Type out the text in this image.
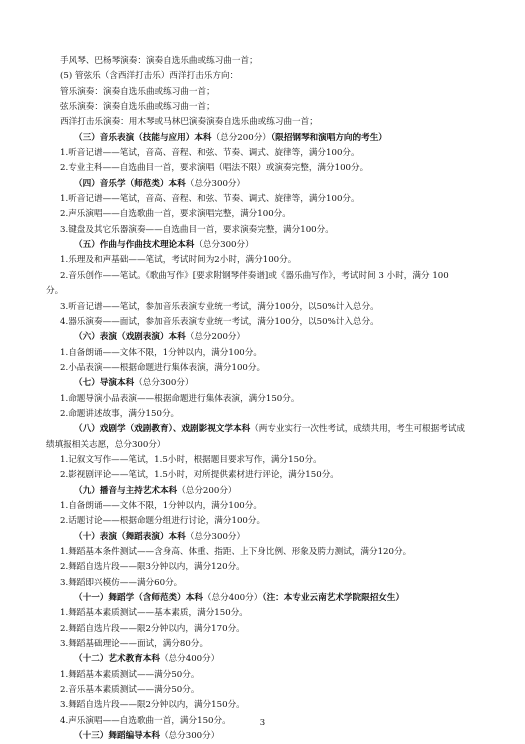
手风琴、巴杨琴演奏：演奏自选乐曲或练习曲一首；
(5) 管弦乐（含西洋打击乐）西洋打击乐方向：
管乐演奏：演奏自选乐曲或练习曲一首；
弦乐演奏：演奏自选乐曲或练习曲一首；
西洋打击乐演奏：用木琴或马林巴演奏演奏自选乐曲或练习曲一首；
（三）音乐表演（技能与应用）本科（总分200分）（限招钢琴和演唱方向的考生）
1.听音记谱——笔试，音高、音程、和弦、节奏、调式、旋律等，满分100分。
2.专业主科——自选曲目一首，要求演唱（唱法不限）或演奏完整，满分100分。
（四）音乐学（师范类）本科（总分300分）
1.听音记谱——笔试，音高、音程、和弦、节奏、调式、旋律等，满分100分。
2.声乐演唱——自选歌曲一首，要求演唱完整，满分100分。
3.键盘及其它乐器演奏——自选曲目一首，要求演奏完整，满分100分。
（五）作曲与作曲技术理论本科（总分300分）
1.乐理及和声基础——笔试，考试时间为2小时，满分100分。
2.音乐创作——笔试。《歌曲写作》[要求附钢琴伴奏谱]或《器乐曲写作》，考试时间 3 小时，满分 100
分。
3.听音记谱——笔试，参加音乐表演专业统一考试，满分100分，以50%计入总分。
4.器乐演奏——面试，参加音乐表演专业统一考试，满分100分，以50%计入总分。
（六）表演（戏剧表演）本科（总分200分）
1.自备朗诵——文体不限，1分钟以内，满分100分。
2.小品表演——根据命题进行集体表演，满分100分。
（七）导演本科（总分300分）
1.命题导演小品表演——根据命题进行集体表演，满分150分。
2.命题讲述故事，满分150分。
（八）戏剧学（戏剧教育）、戏剧影视文学本科（两专业实行一次性考试，成绩共用，考生可根据考试成
绩填报相关志愿，总分300分）
1.记叙文写作——笔试，1.5小时，根据题目要求写作，满分150分。
2.影视剧评论——笔试，1.5小时，对所提供素材进行评论，满分150分。
（九）播音与主持艺术本科（总分200分）
1.自备朗诵——文体不限，1分钟以内，满分100分。
2.话题讨论——根据命题分组进行讨论，满分100分。
（十）表演（舞蹈表演）本科（总分300分）
1.舞蹈基本条件测试——含身高、体重、指距、上下身比例、形象及胯力测试，满分120分。
2.舞蹈自选片段——限3分钟以内，满分120分。
3.舞蹈即兴模仿——满分60分。
（十一）舞蹈学（含师范类）本科（总分400分）（注：本专业云南艺术学院限招女生）
1.舞蹈基本素质测试——基本素质，满分150分。
2.舞蹈自选片段——限2分钟以内，满分170分。
3.舞蹈基础理论——面试，满分80分。
（十二）艺术教育本科（总分400分）
1.舞蹈基本素质测试——满分50分。
2.音乐基本素质测试——满分50分。
3.舞蹈自选片段——限2分钟以内，满分150分。
4.声乐演唱——自选歌曲一首，满分150分。
（十三）舞蹈编导本科（总分300分）
3
